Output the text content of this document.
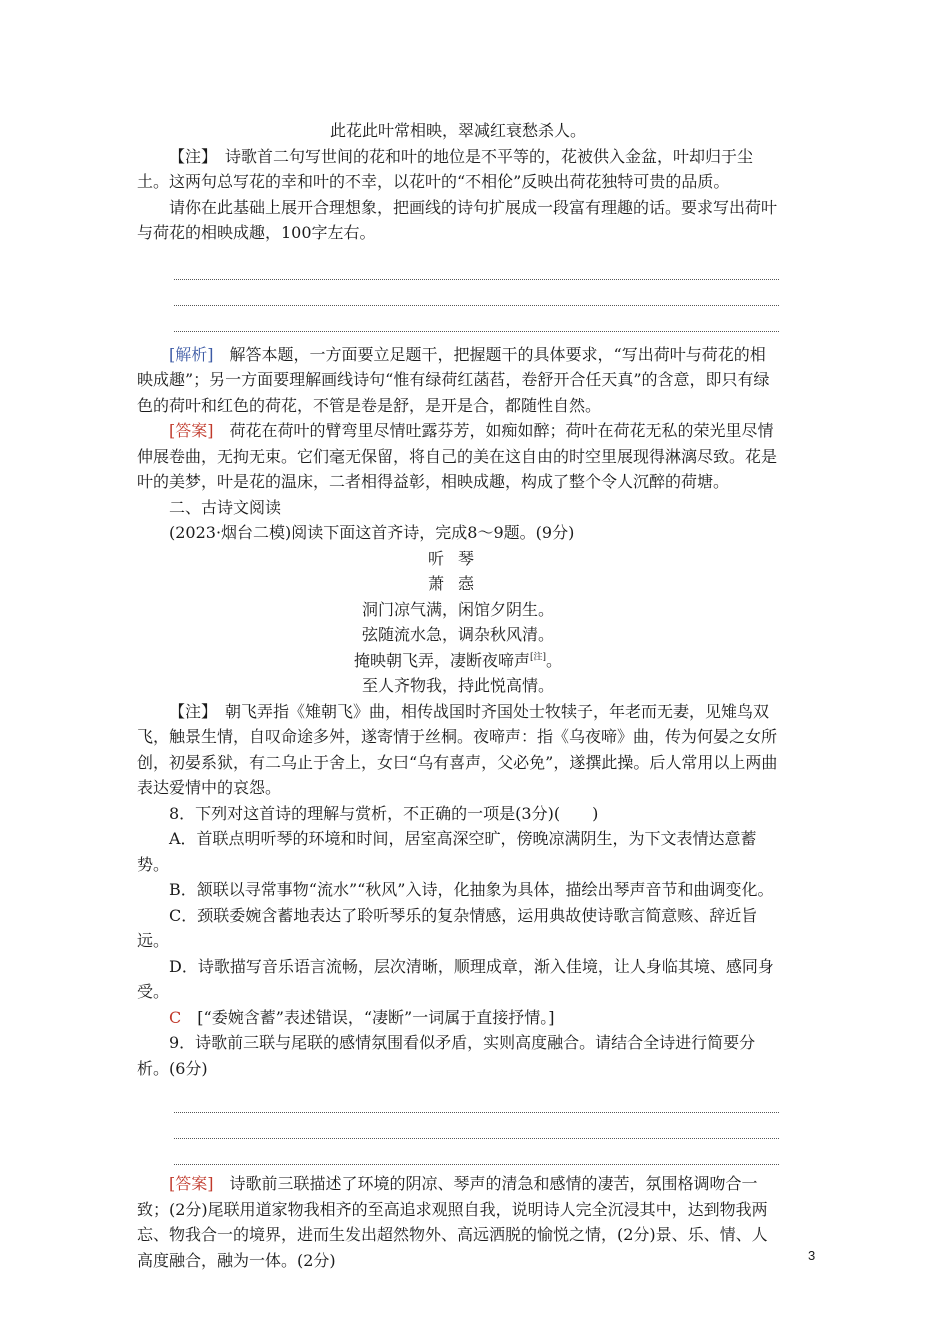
此花此叶常相映，翠减红衰愁杀人。

【注】　 诗歌首二句写世间的花和叶的地位是不平等的，花被供入金盆，叶却归于尘土。这两句总写花的幸和叶的不幸，以花叶的“不相伦”反映出荷花独特可贵的品质。

请你在此基础上展开合理想象，把画线的诗句扩展成一段富有理趣的话。要求写出荷叶与荷花的相映成趣，100字左右。

[解析]　 解答本题，一方面要立足题干，把握题干的具体要求，“写出荷叶与荷花的相映成趣”；另一方面要理解画线诗句“惟有绿荷红菡萏，卷舒开合任天真”的含意，即只有绿色的荷叶和红色的荷花，不管是卷是舒，是开是合，都随性自然。

[答案]　 荷花在荷叶的臂弯里尽情吐露芬芳，如痴如醉；荷叶在荷花无私的荣光里尽情伸展卷曲，无拘无束。它们毫无保留，将自己的美在这自由的时空里展现得淋漓尽致。花是叶的美梦，叶是花的温床，二者相得益彰，相映成趣，构成了整个令人沉醉的荷塘。

二、古诗文阅读

(2023·烟台二模)阅读下面这首齐诗，完成8～9题。(9分)

听琴

萧悫

洞门凉气满，闲馆夕阴生。

弦随流水急，调杂秋风清。

掩映朝飞弄，凄断夜啼声[注]。

至人齐物我，持此悦高情。

【注】　 朝飞弄指《雉朝飞》曲，相传战国时齐国处士牧犊子，年老而无妻，见雉鸟双飞，触景生情，自叹命途多舛，遂寄情于丝桐。夜啼声：指《乌夜啼》曲，传为何晏之女所创，初晏系狱，有二乌止于舍上，女曰“乌有喜声，父必免”，遂撰此操。后人常用以上两曲表达爱情中的哀怨。

8．下列对这首诗的理解与赏析，不正确的一项是(3分)(　　)

A．首联点明听琴的环境和时间，居室高深空旷，傍晚凉满阴生，为下文表情达意蓄势。

B．颔联以寻常事物“流水”“秋风”入诗，化抽象为具体，描绘出琴声音节和曲调变化。

C．颈联委婉含蓄地表达了聆听琴乐的复杂情感，运用典故使诗歌言简意赅、辞近旨远。

D．诗歌描写音乐语言流畅，层次清晰，顺理成章，渐入佳境，让人身临其境、感同身受。

C　 [“委婉含蓄”表述错误，“凄断”一词属于直接抒情。]

9．诗歌前三联与尾联的感情氛围看似矛盾，实则高度融合。请结合全诗进行简要分析。(6分)

[答案]　 诗歌前三联描述了环境的阴凉、琴声的清急和感情的凄苦，氛围格调吻合一致；(2分)尾联用道家物我相齐的至高追求观照自我，说明诗人完全沉浸其中，达到物我两忘、物我合一的境界，进而生发出超然物外、高远洒脱的愉悦之情，(2分)景、乐、情、人高度融合，融为一体。(2分)	3
